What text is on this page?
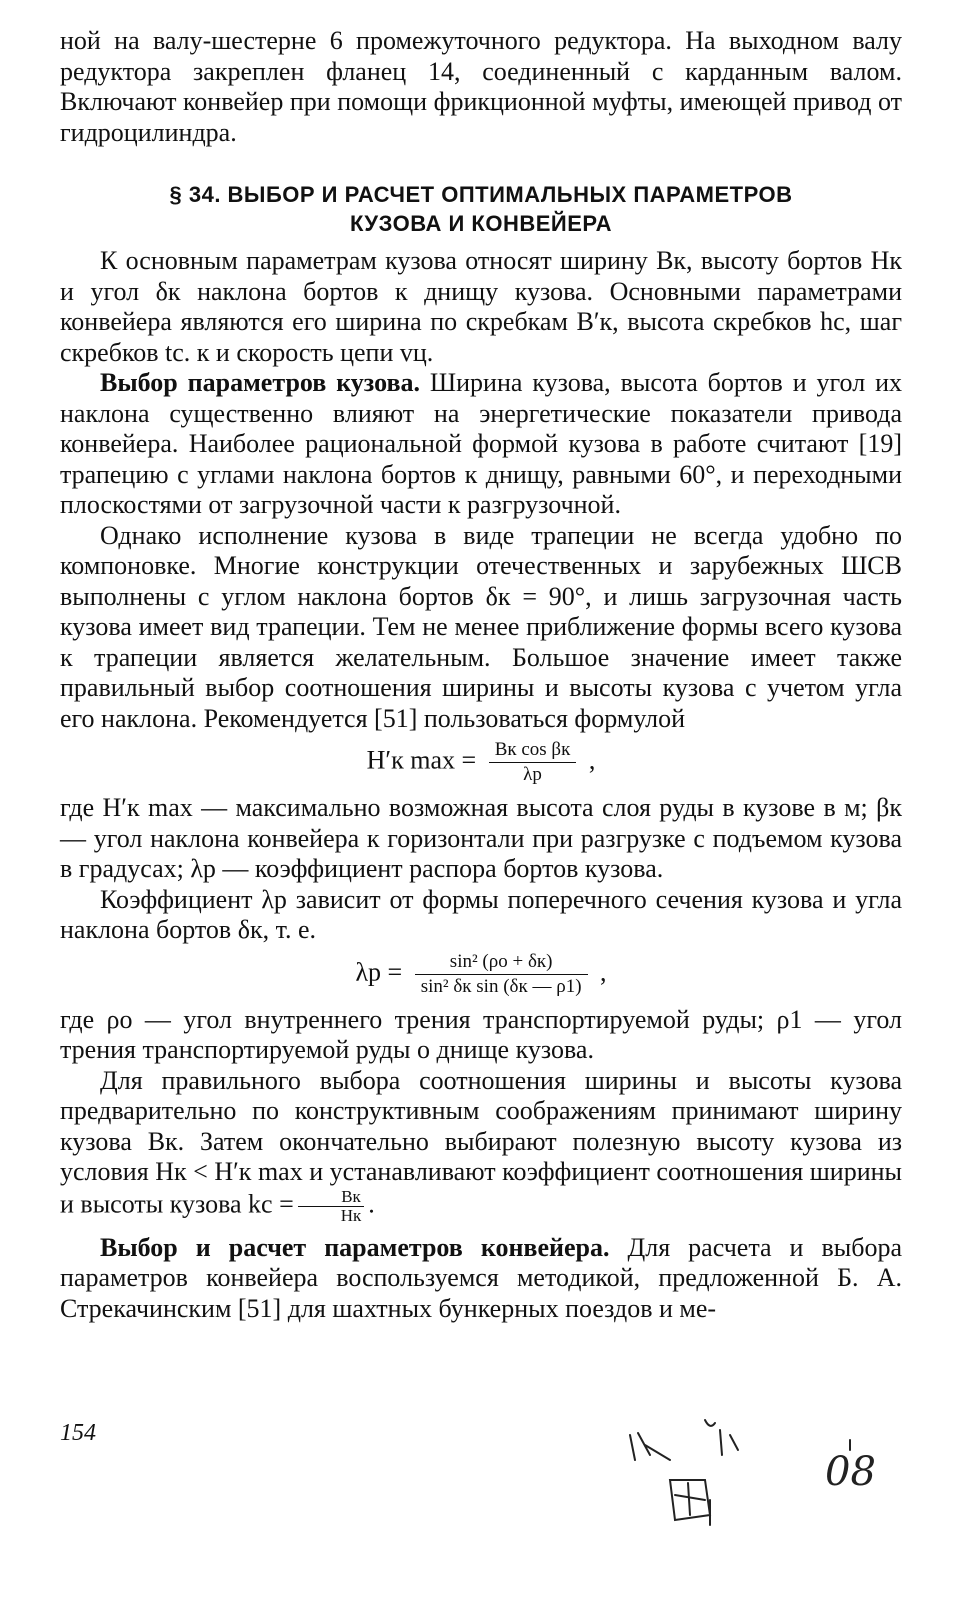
ной на валу-шестерне 6 промежуточного редуктора. На выходном валу редуктора закреплен фланец 14, соединенный с карданным валом. Включают конвейер при помощи фрикционной муфты, имеющей привод от гидроцилиндра.

§ 34. ВЫБОР И РАСЧЕТ ОПТИМАЛЬНЫХ ПАРАМЕТРОВ
КУЗОВА И КОНВЕЙЕРА

К основным параметрам кузова относят ширину Bк, высоту бортов Hк и угол δк наклона бортов к днищу кузова. Основными параметрами конвейера являются его ширина по скребкам B′к, высота скребков hс, шаг скребков tс. к и скорость цепи vц.

Выбор параметров кузова. Ширина кузова, высота бортов и угол их наклона существенно влияют на энергетические показатели привода конвейера. Наиболее рациональной формой кузова в работе считают [19] трапецию с углами наклона бортов к днищу, равными 60°, и переходными плоскостями от загрузочной части к разгрузочной.

Однако исполнение кузова в виде трапеции не всегда удобно по компоновке. Многие конструкции отечественных и зарубежных ШСВ выполнены с углом наклона бортов δк = 90°, и лишь загрузочная часть кузова имеет вид трапеции. Тем не менее приближение формы всего кузова к трапеции является желательным. Большое значение имеет также правильный выбор соотношения ширины и высоты кузова с учетом угла его наклона. Рекомендуется [51] пользоваться формулой

H′к $\max = \frac{\text{Bк cos βк}}{\lambda р}$ ,

где H′к max — максимально возможная высота слоя руды в кузове в м; βк — угол наклона конвейера к горизонтали при разгрузке с подъемом кузова в градусах; λр — коэффициент распора бортов кузова.

Коэффициент λр зависит от формы поперечного сечения кузова и угла наклона бортов δк, т. е.

$\lambda р = \frac{\text{sin² (ρо + δк)}}{\text{sin² δк sin (δк — ρ1)}}$ ,

где ρо — угол внутреннего трения транспортируемой руды; ρ1 — угол трения транспортируемой руды о днище кузова.

Для правильного выбора соотношения ширины и высоты кузова предварительно по конструктивным соображениям принимают ширину кузова Bк. Затем окончательно выбирают полезную высоту кузова из условия Hк < H′к max и устанавливают коэффициент соотношения ширины и высоты кузова kс = $\frac{Bк}{Hк}$ .

Выбор и расчет параметров конвейера. Для расчета и выбора параметров конвейера воспользуемся методикой, предложенной Б. А. Стрекачинским [51] для шахтных бункерных поездов и ме-

154
08
